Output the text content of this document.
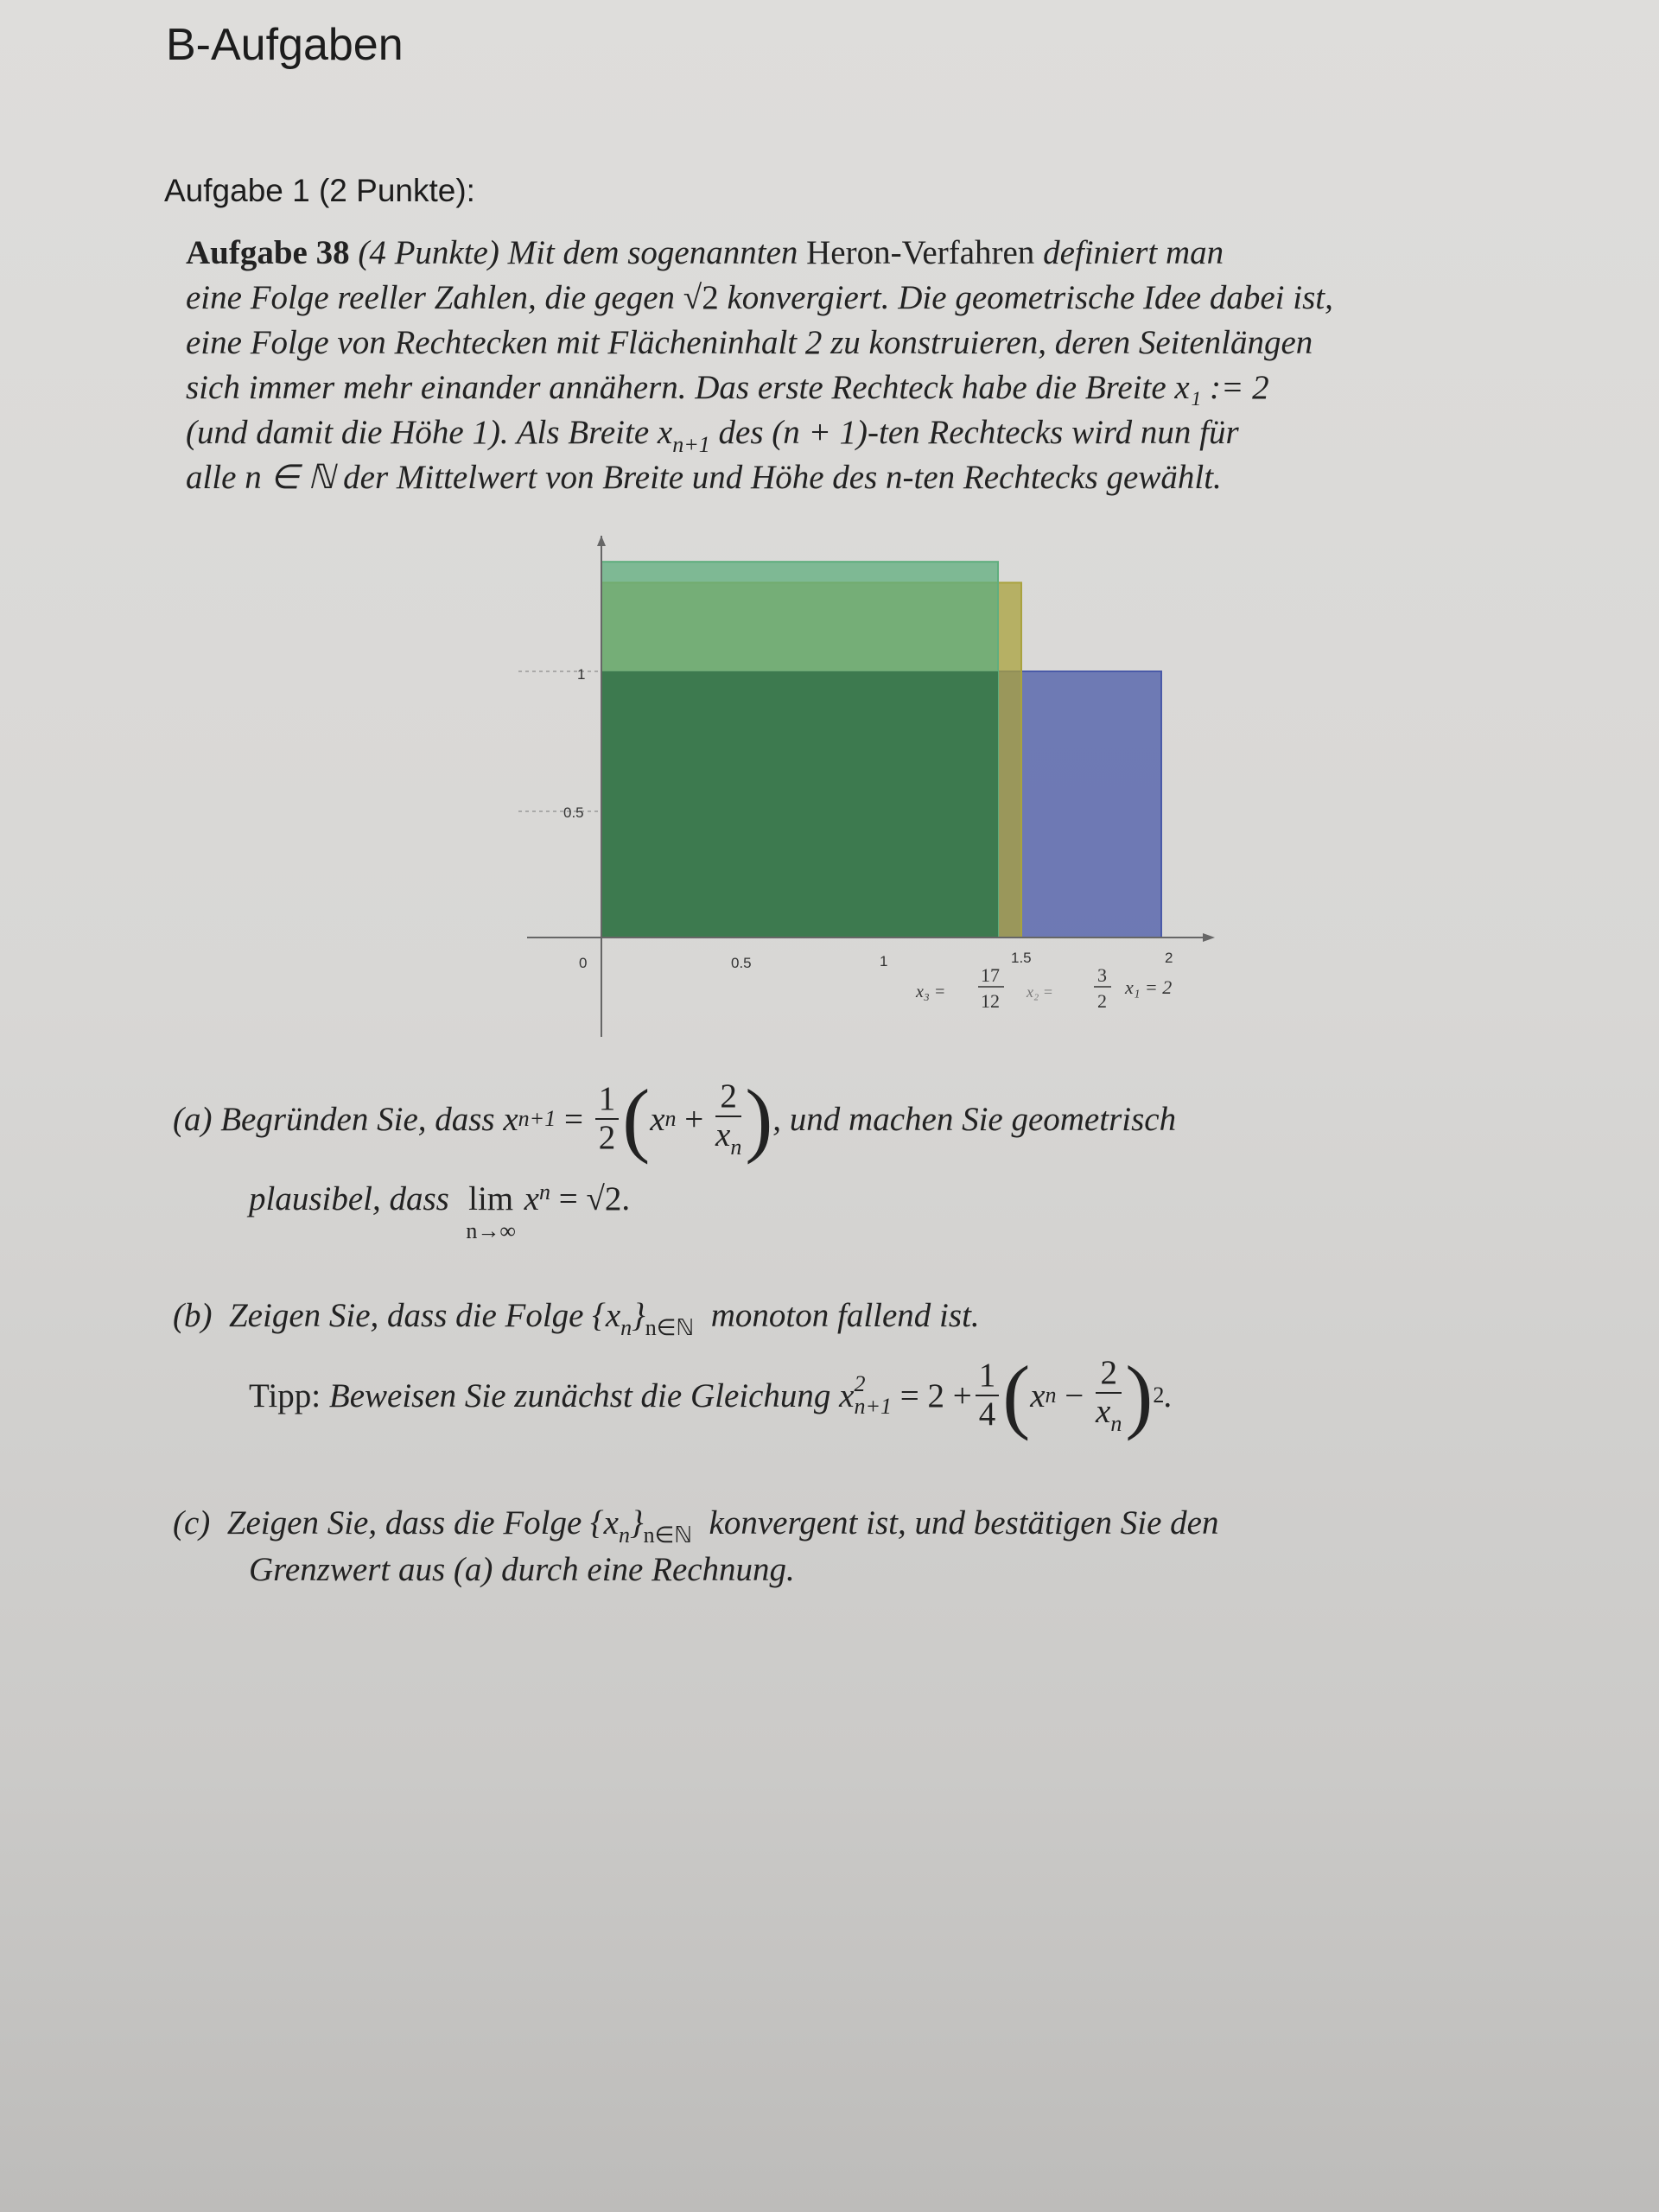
B-Aufgaben
Aufgabe 1 (2 Punkte):
Aufgabe 38 (4 Punkte) Mit dem sogenannten Heron-Verfahren definiert man
eine Folge reeller Zahlen, die gegen √2 konvergiert. Die geometrische Idee dabei ist,
eine Folge von Rechtecken mit Flächeninhalt 2 zu konstruieren, deren Seitenlängen
sich immer mehr einander annähern. Das erste Rechteck habe die Breite x₁ := 2
(und damit die Höhe 1). Als Breite $x_{n+1}$ des (n + 1)-ten Rechtecks wird nun für
alle n ∈ ℕ der Mittelwert von Breite und Höhe des n-ten Rechtecks gewählt.
1
0.5
0	0.5	1	1.5	2
x₃ =
17
12 x₂ =
3
2
x₁ = 2
(a)
Begründen Sie, dass x n+1
=
$\frac{1}{2}$ ( x n
+
$\frac{2}{x_n}$ ) , und machen Sie geometrisch
plausibel, dass
lim
n→∞

x n
= √2.
(b) Zeigen Sie, dass die Folge $\{x_n\}_{n\in ℕ}$ monoton fallend ist.
Tipp:
Beweisen Sie zunächst die Gleichung x 2
n+1
= $2 + \frac{1}{4}$ ( x n
−
$\frac{2}{x_n}$ ) 2 .
(c) Zeigen Sie, dass die Folge $\{x_n\}_{n\in ℕ}$ konvergent ist, und bestätigen Sie den
Grenzwert aus (a) durch eine Rechnung.
